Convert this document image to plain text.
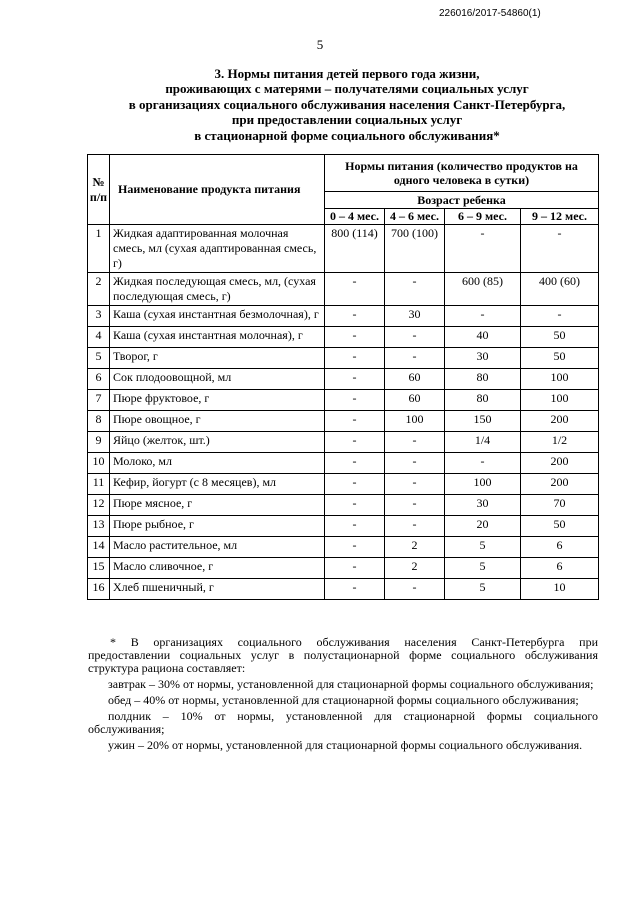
226016/2017-54860(1)
5
3. Нормы питания детей первого года жизни,
проживающих с матерями – получателями социальных услуг
в организациях социального обслуживания населения Санкт-Петербурга,
при предоставлении социальных услуг
в стационарной форме социального обслуживания*
№ п/п	Наименование продукта питания	Нормы питания (количество продуктов на одного человека в сутки)			
		Возраст ребенка			
		0 – 4 мес.	4 – 6 мес.	6 – 9 мес.	9 – 12 мес.
1	Жидкая адаптированная молочная смесь, мл (сухая адаптированная смесь, г)	800 (114)	700 (100)	-	-
2	Жидкая последующая смесь, мл, (сухая последующая смесь, г)	-	-	600 (85)	400 (60)
3	Каша (сухая инстантная безмолочная), г	-	30	-	-
4	Каша (сухая инстантная молочная), г	-	-	40	50
5	Творог, г	-	-	30	50
6	Сок плодоовощной, мл	-	60	80	100
7	Пюре фруктовое, г	-	60	80	100
8	Пюре овощное, г	-	100	150	200
9	Яйцо (желток, шт.)	-	-	1/4	1/2
10	Молоко, мл	-	-	-	200
11	Кефир, йогурт (с 8 месяцев), мл	-	-	100	200
12	Пюре мясное, г	-	-	30	70
13	Пюре рыбное, г	-	-	20	50
14	Масло растительное, мл	-	2	5	6
15	Масло сливочное, г	-	2	5	6
16	Хлеб пшеничный, г	-	-	5	10

* В организациях социального обслуживания населения Санкт-Петербурга при предоставлении социальных услуг в полустационарной форме социального обслуживания структура рациона составляет:

завтрак – 30% от нормы, установленной для стационарной формы социального обслуживания;

обед – 40% от нормы, установленной для стационарной формы социального обслуживания;

полдник – 10% от нормы, установленной для стационарной формы социального обслуживания;

ужин – 20% от нормы, установленной для стационарной формы социального обслуживания.
